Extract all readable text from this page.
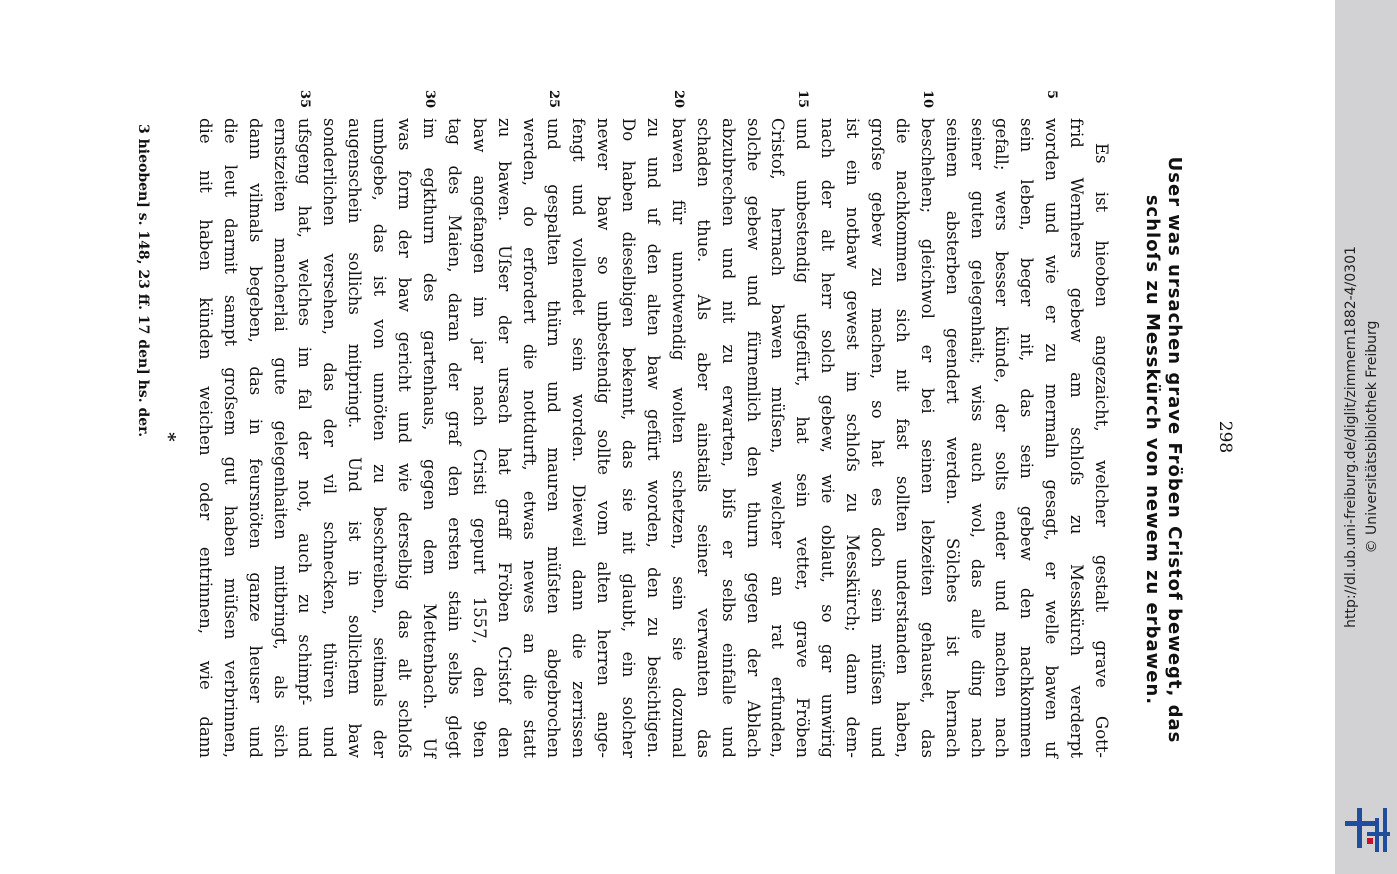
298
User was ursachen grave Fröben Cristof bewegt, das
schloſs zu Messkürch von newem zu erbawen.
Es ist hieoben angezaicht, welcher gestalt grave Gott-
frid Wernhers gebew am schloſs zu Messkürch verderpt
5
worden und wie er zu mermaln gesagt, er welle bawen uf
sein leben, beger nit, das sein gebew den nachkommen
gefall; wers besser künde, der solts ender und machen nach
seiner guten gelegenhait; wiss auch wol, das alle ding nach
seinem absterben geendert werden. Sölches ist hernach
10
beschehen; gleichwol er bei seinen lebzeiten gehauset, das
die nachkommen sich nit fast sollten understanden haben,
groſse gebew zu machen, so hat es doch sein müſsen und
ist ein notbaw gewest im schloſs zu Messkürch; dann dem-
nach der alt herr solch gebew, wie oblaut, so gar unwirig
15
und unbestendig ufgefürt, hat sein vetter, grave Fröben
Cristof, hernach bawen müſsen, welcher an rat erfunden,
solche gebew und fürnemlich den thurn gegen der Ablach
abzubrechen und nit zu erwarten, biſs er selbs einfalle und
schaden thue. Als aber ainstails seiner verwanten das
20
bawen für unnotwendig wolten schetzen, sein sie dozumal
zu und uf den alten baw gefürt worden, den zu besichtigen.
Do haben dieselbigen bekennt, das sie nit glaubt, ein solcher
newer baw so unbestendig sollte vom alten herren ange-
fengt und vollendet sein worden. Dieweil dann die zerrissen
25
und gespalten thürn und mauren müſsten abgebrochen
werden, do erfordert die nottdurft, etwas newes an die statt
zu bawen. Uſser der ursach hat graff Fröben Cristof den
baw angefangen im jar nach Cristi gepurt 1557, den 9ten
tag des Maien, daran der graf den ersten stain selbs glegt
30
im egkthurn des gartenhaus, gegen dem Mettenbach. Uf
was form der baw gericht und wie derselbig das alt schloſs
umbgebe, das ist von unnöten zu beschreiben, seitmals der
augenschein sollichs mitpringt. Und ist in sollichem baw
sonderlichen versehen, das der vil schnecken, thüren und
35
ufsgeng hat, welches im fal der not, auch zu schimpf- und
ernstzeiten mancherlai gute gelegenhaiten mitbringt, als sich
dann vilmals begeben, das in feursnöten ganze heuser und
die leut darmit sampt groſsem gut haben müſsen verbrinnen,
die nit haben künden weichen oder entrinnen, wie dann
*
3 hieoben] s. 148, 23 ff. 17 den] hs. der.	http://dl.ub.uni-freiburg.de/diglit/zimmern1882-4/0301 © Universitätsbibliothek Freiburg
